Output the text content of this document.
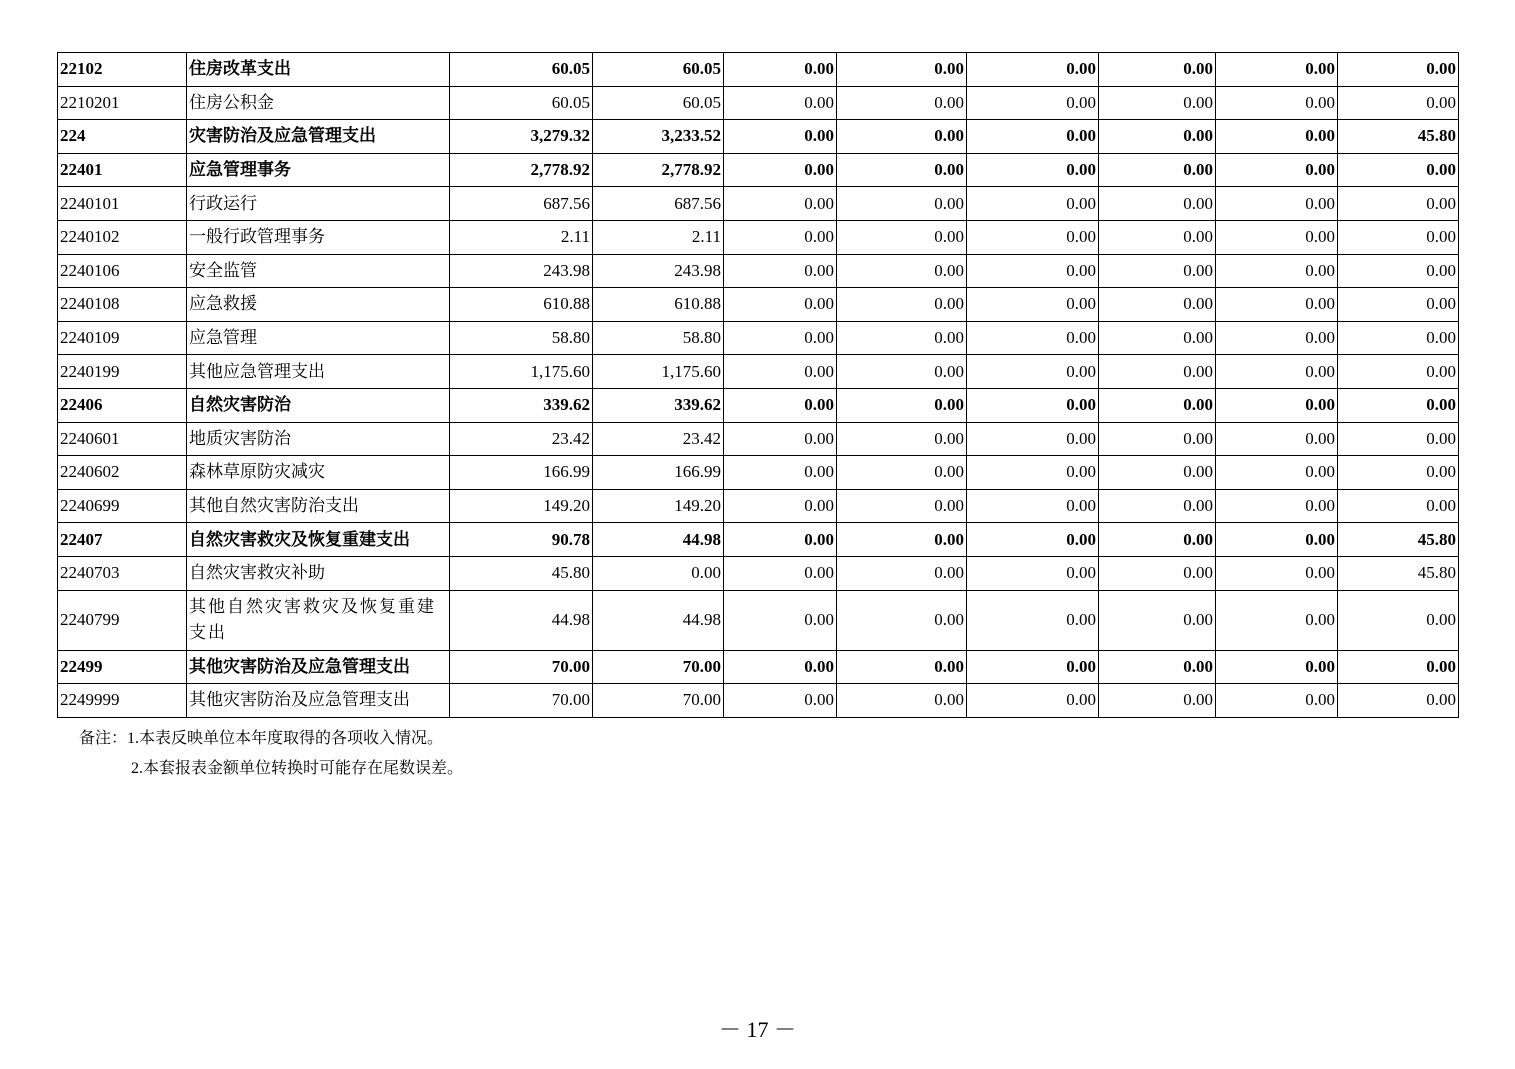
22102	住房改革支出	60.05	60.05	0.00	0.00	0.00	0.00	0.00	0.00
2210201	住房公积金	60.05	60.05	0.00	0.00	0.00	0.00	0.00	0.00
224	灾害防治及应急管理支出	3,279.32	3,233.52	0.00	0.00	0.00	0.00	0.00	45.80
22401	应急管理事务	2,778.92	2,778.92	0.00	0.00	0.00	0.00	0.00	0.00
2240101	行政运行	687.56	687.56	0.00	0.00	0.00	0.00	0.00	0.00
2240102	一般行政管理事务	2.11	2.11	0.00	0.00	0.00	0.00	0.00	0.00
2240106	安全监管	243.98	243.98	0.00	0.00	0.00	0.00	0.00	0.00
2240108	应急救援	610.88	610.88	0.00	0.00	0.00	0.00	0.00	0.00
2240109	应急管理	58.80	58.80	0.00	0.00	0.00	0.00	0.00	0.00
2240199	其他应急管理支出	1,175.60	1,175.60	0.00	0.00	0.00	0.00	0.00	0.00
22406	自然灾害防治	339.62	339.62	0.00	0.00	0.00	0.00	0.00	0.00
2240601	地质灾害防治	23.42	23.42	0.00	0.00	0.00	0.00	0.00	0.00
2240602	森林草原防灾减灾	166.99	166.99	0.00	0.00	0.00	0.00	0.00	0.00
2240699	其他自然灾害防治支出	149.20	149.20	0.00	0.00	0.00	0.00	0.00	0.00
22407	自然灾害救灾及恢复重建支出	90.78	44.98	0.00	0.00	0.00	0.00	0.00	45.80
2240703	自然灾害救灾补助	45.80	0.00	0.00	0.00	0.00	0.00	0.00	45.80
2240799	其他自然灾害救灾及恢复重建支出	44.98	44.98	0.00	0.00	0.00	0.00	0.00	0.00
22499	其他灾害防治及应急管理支出	70.00	70.00	0.00	0.00	0.00	0.00	0.00	0.00
2249999	其他灾害防治及应急管理支出	70.00	70.00	0.00	0.00	0.00	0.00	0.00	0.00
备注：1.本表反映单位本年度取得的各项收入情况。
2.本套报表金额单位转换时可能存在尾数误差。
－ 17 －
